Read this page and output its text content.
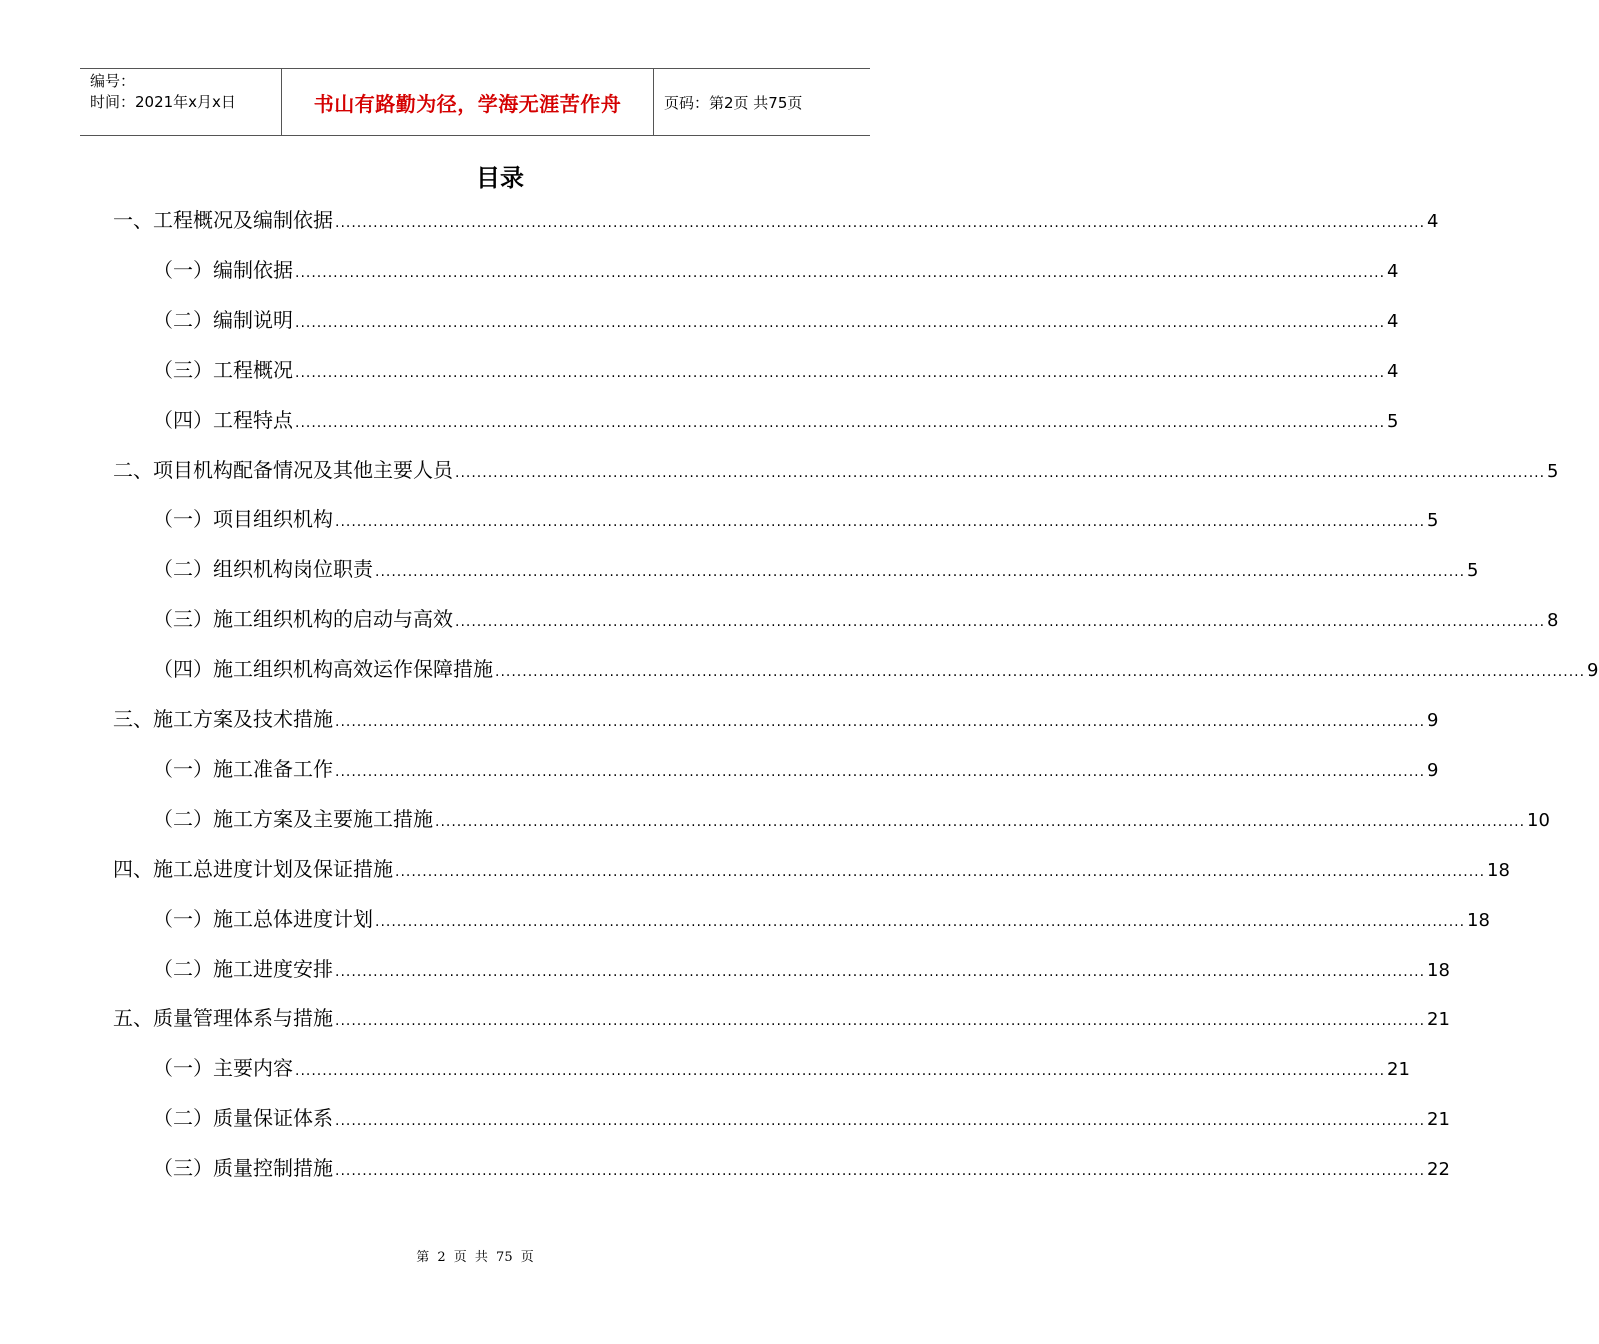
编号：
时间：2021年x月x日	书山有路勤为径，学海无涯苦作舟	页码：第2页 共75页
目录
一、工程概况及编制依据 ........................................................................................................................................................................................................ 4
（一）编制依据 ........................................................................................................................................................................................................ 4
（二）编制说明 ........................................................................................................................................................................................................ 4
（三）工程概况 ........................................................................................................................................................................................................ 4
（四）工程特点 ........................................................................................................................................................................................................ 5
二、项目机构配备情况及其他主要人员 ........................................................................................................................................................................................................ 5
（一）项目组织机构 ........................................................................................................................................................................................................ 5
（二）组织机构岗位职责 ........................................................................................................................................................................................................ 5
（三）施工组织机构的启动与高效 ........................................................................................................................................................................................................ 8
（四）施工组织机构高效运作保障措施 ........................................................................................................................................................................................................ 9
三、施工方案及技术措施 ........................................................................................................................................................................................................ 9
（一）施工准备工作 ........................................................................................................................................................................................................ 9
（二）施工方案及主要施工措施 ........................................................................................................................................................................................................ 10
四、施工总进度计划及保证措施 ........................................................................................................................................................................................................ 18
（一）施工总体进度计划 ........................................................................................................................................................................................................ 18
（二）施工进度安排 ........................................................................................................................................................................................................ 18
五、质量管理体系与措施 ........................................................................................................................................................................................................ 21
（一）主要内容 ........................................................................................................................................................................................................ 21
（二）质量保证体系 ........................................................................................................................................................................................................ 21
（三）质量控制措施 ........................................................................................................................................................................................................ 22
第 2 页 共 75 页
